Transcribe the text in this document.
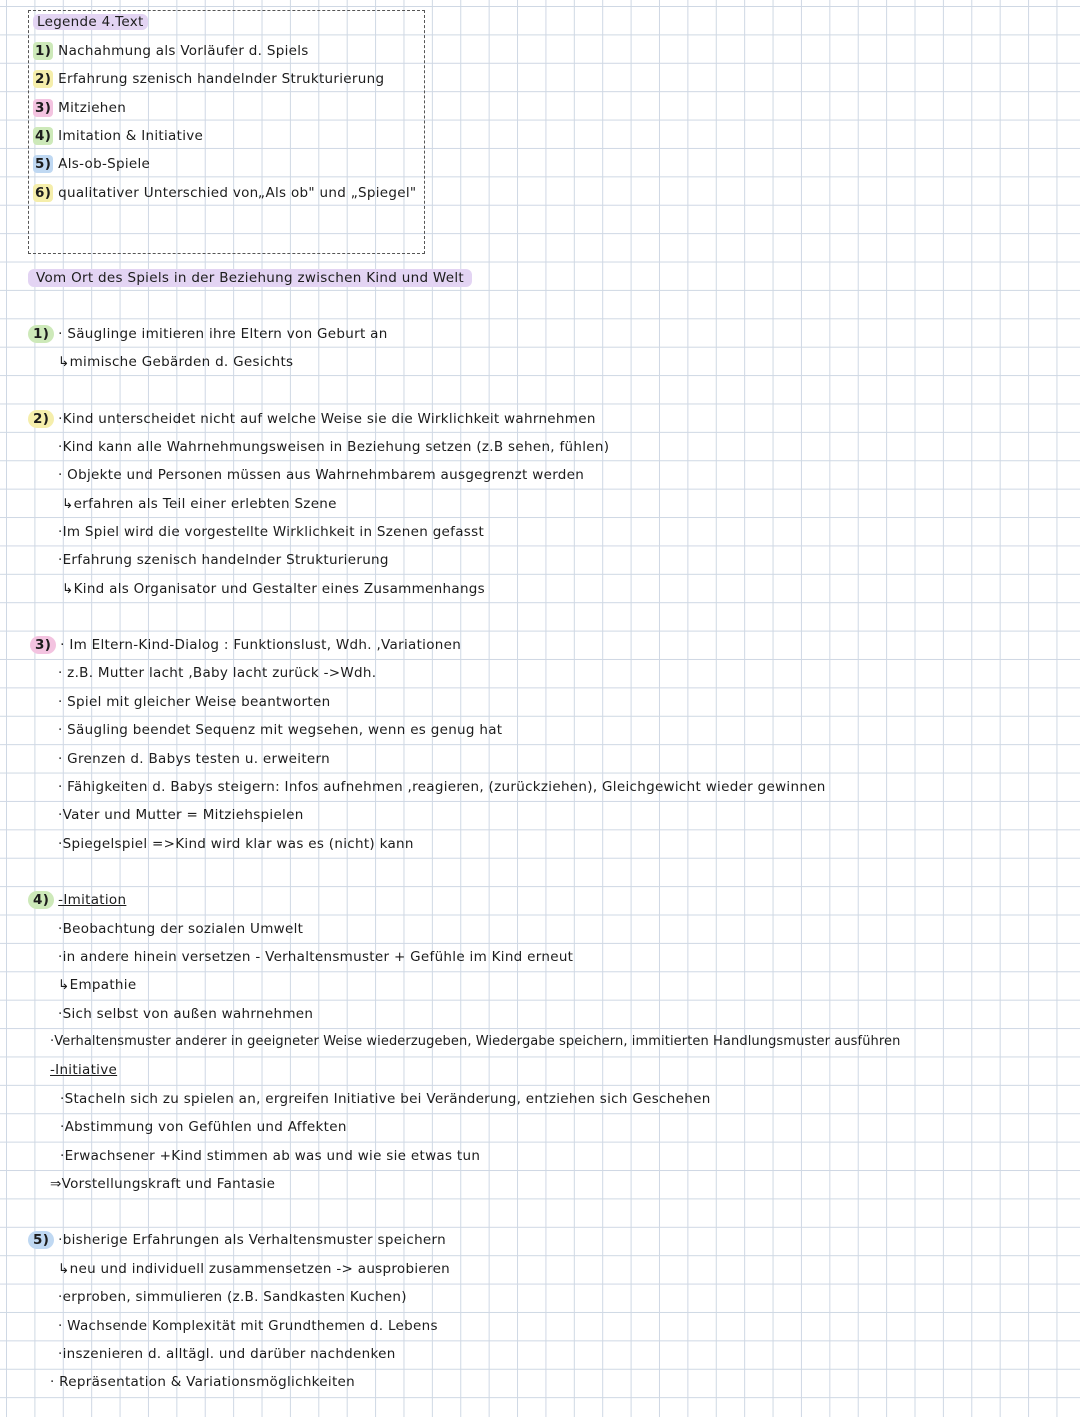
Legende 4.Text
1) Nachahmung als Vorläufer d. Spiels
2) Erfahrung szenisch handelnder Strukturierung
3) Mitziehen
4) Imitation & Initiative
5) Als-ob-Spiele
6) qualitativer Unterschied von„Als ob" und „Spiegel"
Vom Ort des Spiels in der Beziehung zwischen Kind und Welt
1) · Säuglinge imitieren ihre Eltern von Geburt an
↳mimische Gebärden d. Gesichts
2) ·Kind unterscheidet nicht auf welche Weise sie die Wirklichkeit wahrnehmen
·Kind kann alle Wahrnehmungsweisen in Beziehung setzen (z.B sehen, fühlen)
· Objekte und Personen müssen aus Wahrnehmbarem ausgegrenzt werden
↳erfahren als Teil einer erlebten Szene
·Im Spiel wird die vorgestellte Wirklichkeit in Szenen gefasst
·Erfahrung szenisch handelnder Strukturierung
↳Kind als Organisator und Gestalter eines Zusammenhangs
3) · Im Eltern-Kind-Dialog : Funktionslust, Wdh. ,Variationen
· z.B. Mutter lacht ,Baby lacht zurück ->Wdh.
· Spiel mit gleicher Weise beantworten
· Säugling beendet Sequenz mit wegsehen, wenn es genug hat
· Grenzen d. Babys testen u. erweitern
· Fähigkeiten d. Babys steigern: Infos aufnehmen ,reagieren, (zurückziehen), Gleichgewicht wieder gewinnen
·Vater und Mutter = Mitziehspielen
·Spiegelspiel =>Kind wird klar was es (nicht) kann
4) -Imitation
·Beobachtung der sozialen Umwelt
·in andere hinein versetzen - Verhaltensmuster + Gefühle im Kind erneut
↳Empathie
·Sich selbst von außen wahrnehmen
·Verhaltensmuster anderer in geeigneter Weise wiederzugeben, Wiedergabe speichern, immitierten Handlungsmuster ausführen
-Initiative
·Stacheln sich zu spielen an, ergreifen Initiative bei Veränderung, entziehen sich Geschehen
·Abstimmung von Gefühlen und Affekten
·Erwachsener +Kind stimmen ab was und wie sie etwas tun
⇒Vorstellungskraft und Fantasie
5) ·bisherige Erfahrungen als Verhaltensmuster speichern
↳neu und individuell zusammensetzen -> ausprobieren
·erproben, simmulieren (z.B. Sandkasten Kuchen)
· Wachsende Komplexität mit Grundthemen d. Lebens
·inszenieren d. alltägl. und darüber nachdenken
· Repräsentation & Variationsmöglichkeiten
